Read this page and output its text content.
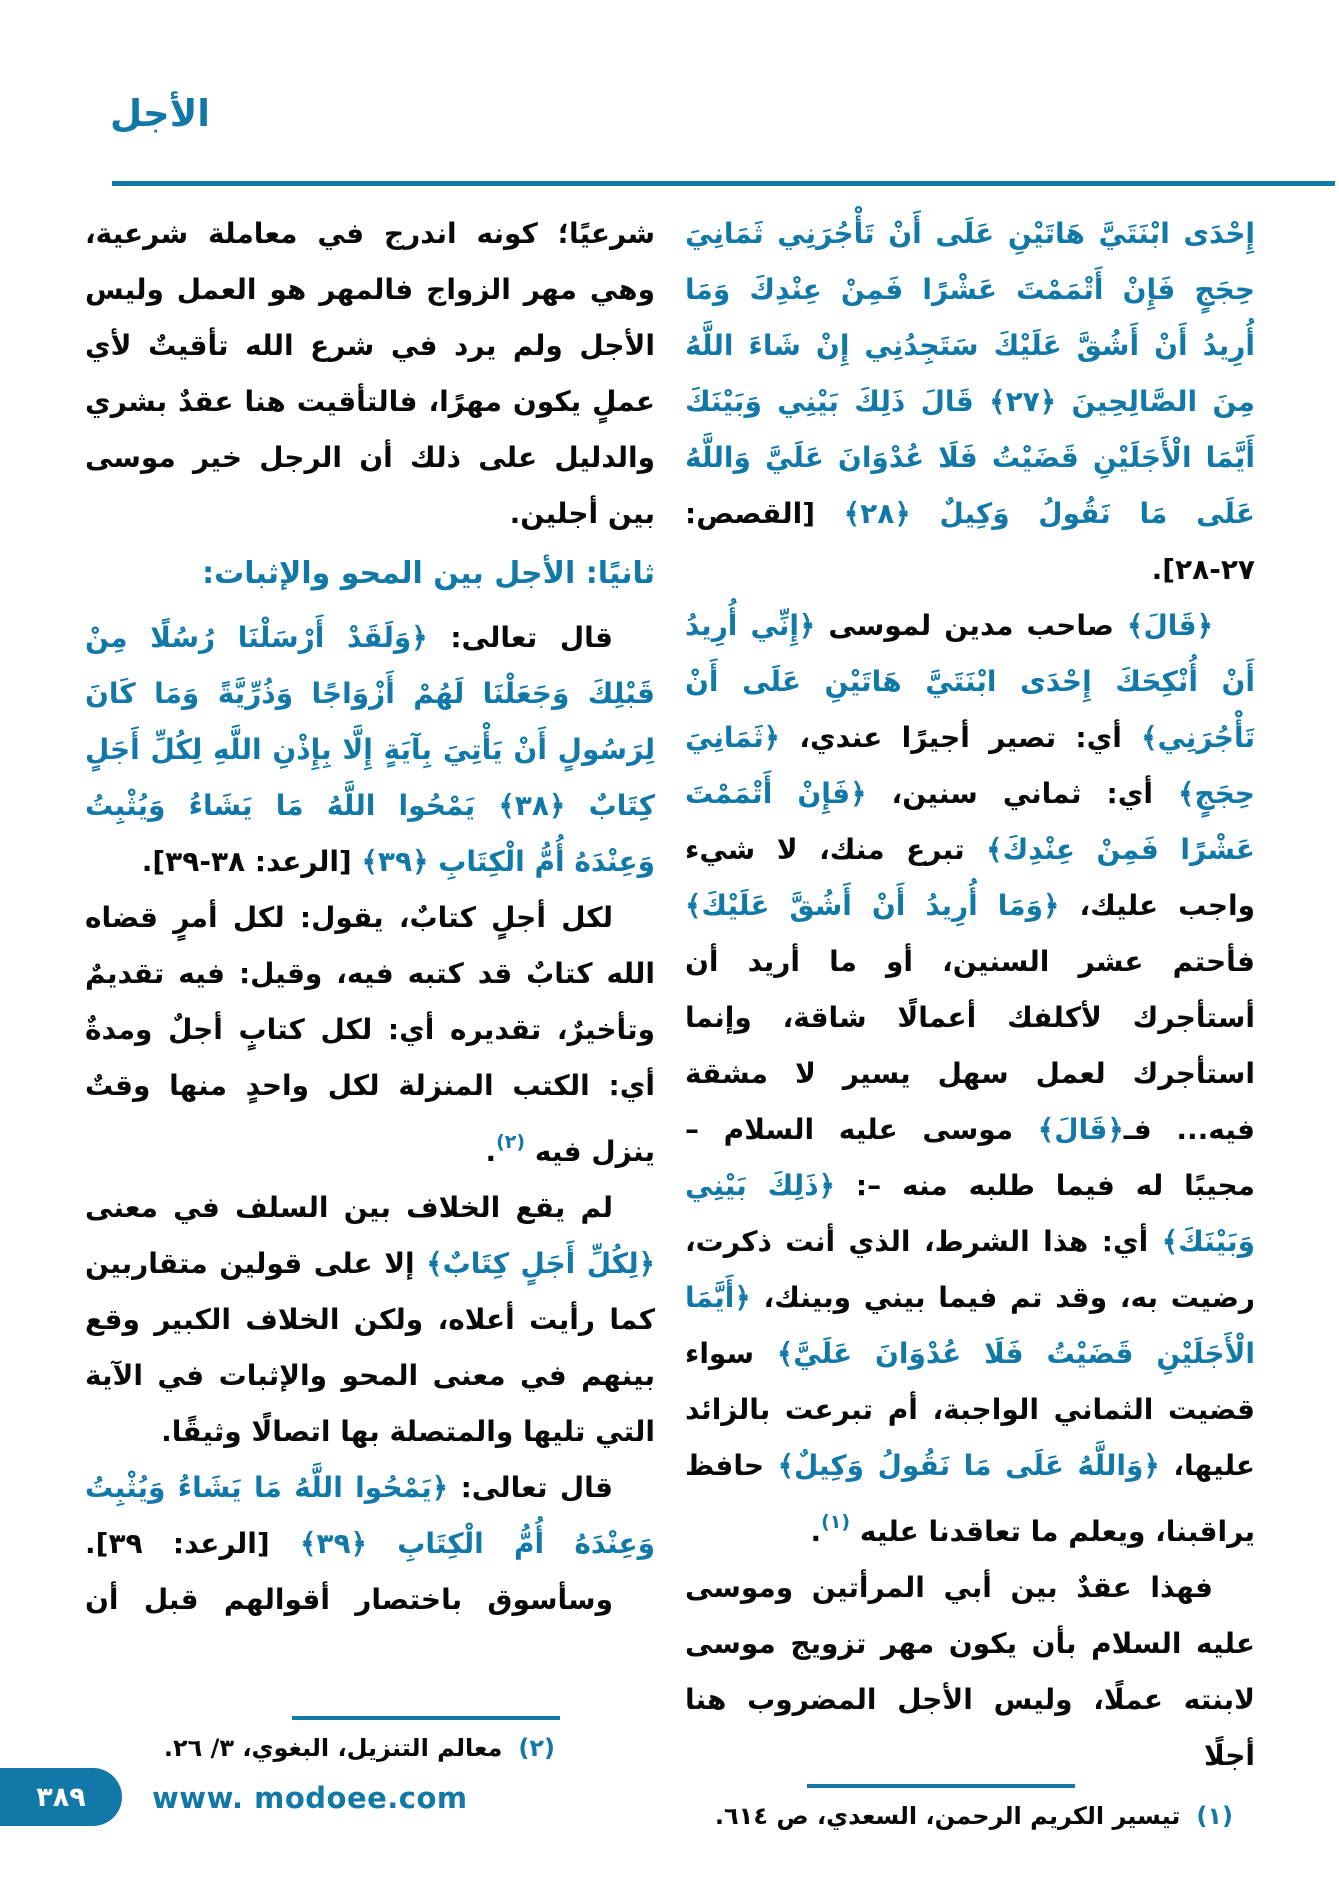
الأجل

إِحْدَى ابْنَتَيَّ هَاتَيْنِ عَلَى أَنْ تَأْجُرَنِي ثَمَانِيَ حِجَجٍ فَإِنْ أَتْمَمْتَ عَشْرًا فَمِنْ عِنْدِكَ وَمَا أُرِيدُ أَنْ أَشُقَّ عَلَيْكَ سَتَجِدُنِي إِنْ شَاءَ اللَّهُ مِنَ الصَّالِحِينَ ﴿٢٧﴾ قَالَ ذَلِكَ بَيْنِي وَبَيْنَكَ أَيَّمَا الْأَجَلَيْنِ قَضَيْتُ فَلَا عُدْوَانَ عَلَيَّ وَاللَّهُ عَلَى مَا نَقُولُ وَكِيلٌ ﴿٢٨﴾ [القصص: ٢٧-٢٨].

﴿قَالَ﴾ صاحب مدين لموسى ﴿إِنِّي أُرِيدُ أَنْ أُنْكِحَكَ إِحْدَى ابْنَتَيَّ هَاتَيْنِ عَلَى أَنْ تَأْجُرَنِي﴾ أي: تصير أجيرًا عندي، ﴿ثَمَانِيَ حِجَجٍ﴾ أي: ثماني سنين، ﴿فَإِنْ أَتْمَمْتَ عَشْرًا فَمِنْ عِنْدِكَ﴾ تبرع منك، لا شيء واجب عليك، ﴿وَمَا أُرِيدُ أَنْ أَشُقَّ عَلَيْكَ﴾ فأحتم عشر السنين، أو ما أريد أن أستأجرك لأكلفك أعمالًا شاقة، وإنما استأجرك لعمل سهل يسير لا مشقة فيه... فـ﴿قَالَ﴾ موسى عليه السلام – مجيبًا له فيما طلبه منه –: ﴿ذَلِكَ بَيْنِي وَبَيْنَكَ﴾ أي: هذا الشرط، الذي أنت ذكرت، رضيت به، وقد تم فيما بيني وبينك، ﴿أَيَّمَا الْأَجَلَيْنِ قَضَيْتُ فَلَا عُدْوَانَ عَلَيَّ﴾ سواء قضيت الثماني الواجبة، أم تبرعت بالزائد عليها، ﴿وَاللَّهُ عَلَى مَا نَقُولُ وَكِيلٌ﴾ حافظ يراقبنا، ويعلم ما تعاقدنا عليه $^{(١)}$.

فهذا عقدٌ بين أبي المرأتين وموسى عليه السلام بأن يكون مهر تزويج موسى لابنته عملًا، وليس الأجل المضروب هنا أجلًا

(١)تيسير الكريم الرحمن، السعدي، ص ٦١٤.

شرعيًا؛ كونه اندرج في معاملة شرعية، وهي مهر الزواج فالمهر هو العمل وليس الأجل ولم يرد في شرع الله تأقيتٌ لأي عملٍ يكون مهرًا، فالتأقيت هنا عقدٌ بشري والدليل على ذلك أن الرجل خير موسى بين أجلين.

ثانيًا: الأجل بين المحو والإثبات:

قال تعالى: ﴿وَلَقَدْ أَرْسَلْنَا رُسُلًا مِنْ قَبْلِكَ وَجَعَلْنَا لَهُمْ أَزْوَاجًا وَذُرِّيَّةً وَمَا كَانَ لِرَسُولٍ أَنْ يَأْتِيَ بِآيَةٍ إِلَّا بِإِذْنِ اللَّهِ لِكُلِّ أَجَلٍ كِتَابٌ ﴿٣٨﴾ يَمْحُوا اللَّهُ مَا يَشَاءُ وَيُثْبِتُ وَعِنْدَهُ أُمُّ الْكِتَابِ ﴿٣٩﴾ [الرعد: ٣٨-٣٩].

لكل أجلٍ كتابٌ، يقول: لكل أمرٍ قضاه الله كتابٌ قد كتبه فيه، وقيل: فيه تقديمٌ وتأخيرٌ، تقديره أي: لكل كتابٍ أجلٌ ومدةٌ أي: الكتب المنزلة لكل واحدٍ منها وقتٌ ينزل فيه $^{(٢)}$.

لم يقع الخلاف بين السلف في معنى ﴿لِكُلِّ أَجَلٍ كِتَابٌ﴾ إلا على قولين متقاربين كما رأيت أعلاه، ولكن الخلاف الكبير وقع بينهم في معنى المحو والإثبات في الآية التي تليها والمتصلة بها اتصالًا وثيقًا.

قال تعالى: ﴿يَمْحُوا اللَّهُ مَا يَشَاءُ وَيُثْبِتُ وَعِنْدَهُ أُمُّ الْكِتَابِ ﴿٣٩﴾ [الرعد: ٣٩].

وسأسوق باختصار أقوالهم قبل أن

(٢)معالم التنزيل، البغوي، ٣/ ٢٦.

٣٨٩ www. modoee.com
